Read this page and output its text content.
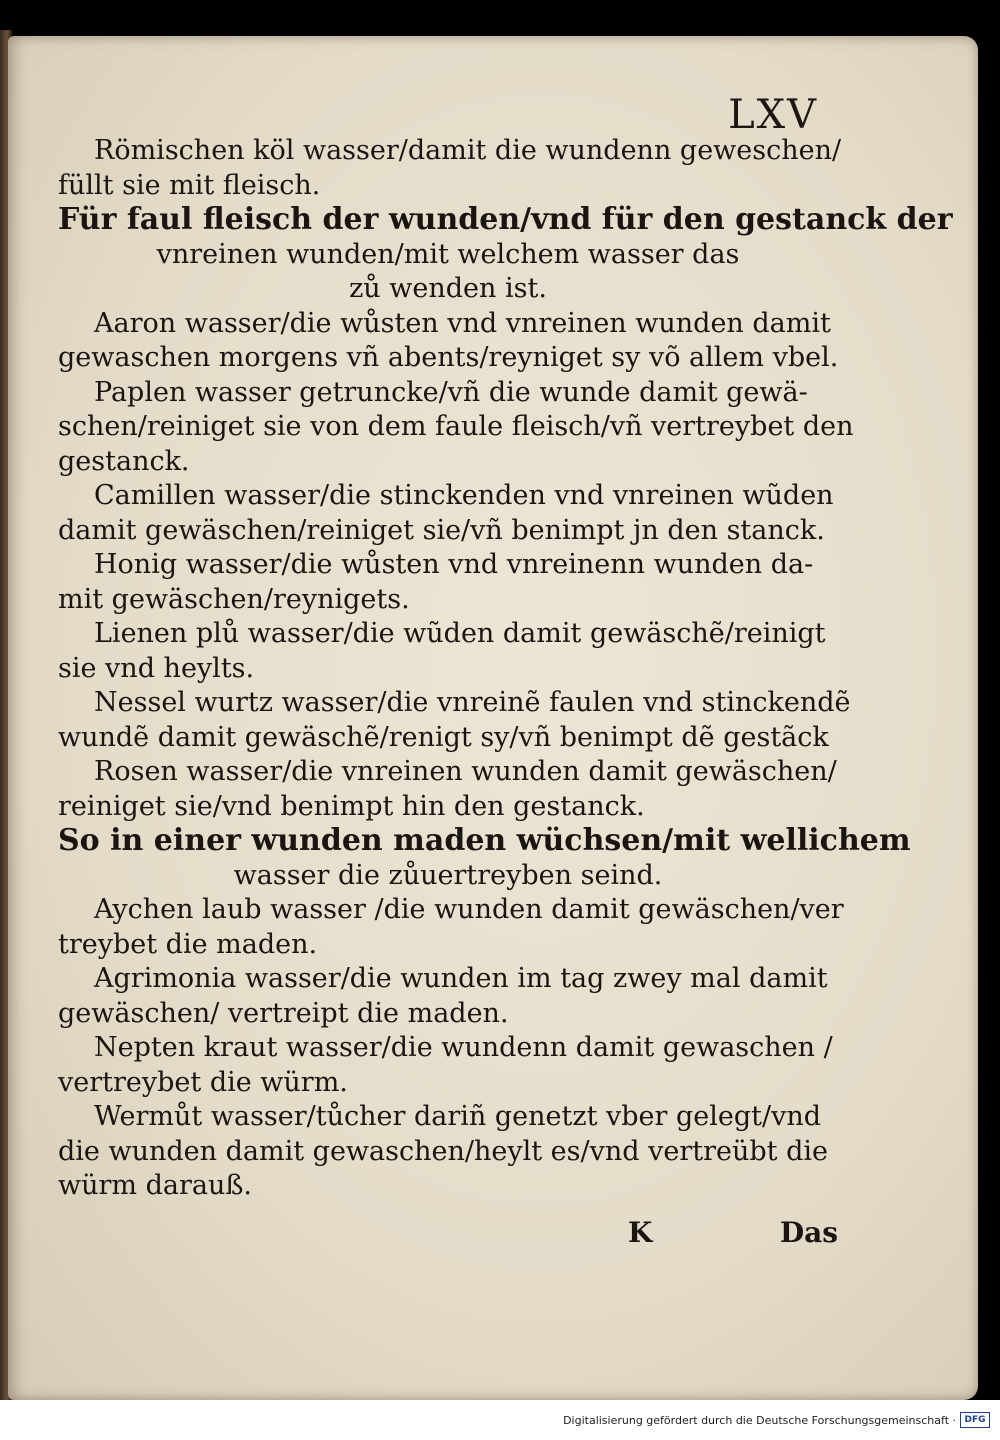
LXV
Römischen köl wasser/damit die wundenn geweschen/
füllt sie mit fleisch.
Für faul fleisch der wunden/vnd für den gestanck der
vnreinen wunden/mit welchem wasser das
zů wenden ist.
Aaron wasser/die wůsten vnd vnreinen wunden damit
gewaschen morgens vñ abents/reyniget sy võ allem vbel.
Paplen wasser getruncke/vñ die wunde damit gewä-
schen/reiniget sie von dem faule fleisch/vñ vertreybet den
gestanck.
Camillen wasser/die stinckenden vnd vnreinen wũden
damit gewäschen/reiniget sie/vñ benimpt jn den stanck.
Honig wasser/die wůsten vnd vnreinenn wunden da-
mit gewäschen/reynigets.
Lienen plů wasser/die wũden damit gewäschẽ/reinigt
sie vnd heylts.
Nessel wurtz wasser/die vnreinẽ faulen vnd stinckendẽ
wundẽ damit gewäschẽ/renigt sy/vñ benimpt dẽ gestãck
Rosen wasser/die vnreinen wunden damit gewäschen/
reiniget sie/vnd benimpt hin den gestanck.
So in einer wunden maden wüchsen/mit wellichem
wasser die zůuertreyben seind.
Aychen laub wasser /die wunden damit gewäschen/ver
treybet die maden.
Agrimonia wasser/die wunden im tag zwey mal damit
gewäschen/ vertreipt die maden.
Nepten kraut wasser/die wundenn damit gewaschen /
vertreybet die würm.
Wermůt wasser/tůcher dariñ genetzt vber gelegt/vnd
die wunden damit gewaschen/heylt es/vnd vertreübt die
würm darauß.
K	Das
Digitalisierung gefördert durch die Deutsche Forschungsgemeinschaft · DFG
